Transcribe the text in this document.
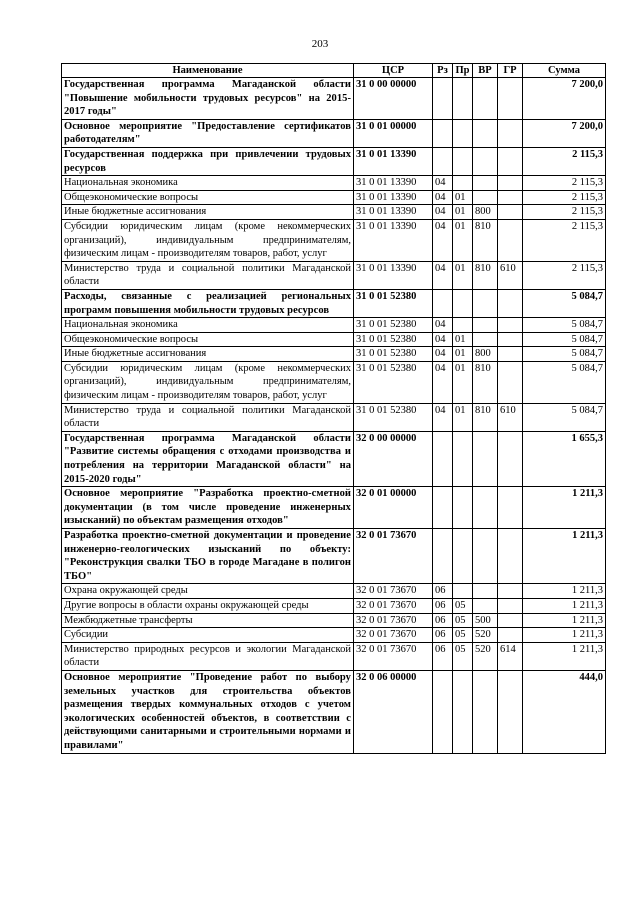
203
Наименование	ЦСР	Рз	Пр	ВР	ГР	Сумма
Государственная программа Магаданской области "Повышение мобильности трудовых ресурсов" на 2015-2017 годы"	31 0 00 00000					7 200,0
Основное мероприятие "Предоставление сертификатов работодателям"	31 0 01 00000					7 200,0
Государственная поддержка при привлечении трудовых ресурсов	31 0 01 13390					2 115,3
Национальная экономика	31 0 01 13390	04				2 115,3
Общеэкономические вопросы	31 0 01 13390	04	01			2 115,3
Иные бюджетные ассигнования	31 0 01 13390	04	01	800		2 115,3
Субсидии юридическим лицам (кроме некоммерческих организаций), индивидуальным предпринимателям, физическим лицам - производителям товаров, работ, услуг	31 0 01 13390	04	01	810		2 115,3
Министерство труда и социальной политики Магаданской области	31 0 01 13390	04	01	810	610	2 115,3
Расходы, связанные с реализацией региональных программ повышения мобильности трудовых ресурсов	31 0 01 52380					5 084,7
Национальная экономика	31 0 01 52380	04				5 084,7
Общеэкономические вопросы	31 0 01 52380	04	01			5 084,7
Иные бюджетные ассигнования	31 0 01 52380	04	01	800		5 084,7
Субсидии юридическим лицам (кроме некоммерческих организаций), индивидуальным предпринимателям, физическим лицам - производителям товаров, работ, услуг	31 0 01 52380	04	01	810		5 084,7
Министерство труда и социальной политики Магаданской области	31 0 01 52380	04	01	810	610	5 084,7
Государственная программа Магаданской области "Развитие системы обращения с отходами производства и потребления на территории Магаданской области" на 2015-2020 годы"	32 0 00 00000					1 655,3
Основное мероприятие "Разработка проектно-сметной документации (в том числе проведение инженерных изысканий) по объектам размещения отходов"	32 0 01 00000					1 211,3
Разработка проектно-сметной документации и проведение инженерно-геологических изысканий по объекту: "Реконструкция свалки ТБО в городе Магадане в полигон ТБО"	32 0 01 73670					1 211,3
Охрана окружающей среды	32 0 01 73670	06				1 211,3
Другие вопросы в области охраны окружающей среды	32 0 01 73670	06	05			1 211,3
Межбюджетные трансферты	32 0 01 73670	06	05	500		1 211,3
Субсидии	32 0 01 73670	06	05	520		1 211,3
Министерство природных ресурсов и экологии Магаданской области	32 0 01 73670	06	05	520	614	1 211,3
Основное мероприятие "Проведение работ по выбору земельных участков для строительства объектов размещения твердых коммунальных отходов с учетом экологических особенностей объектов, в соответствии с действующими санитарными и строительными нормами и правилами"	32 0 06 00000					444,0
